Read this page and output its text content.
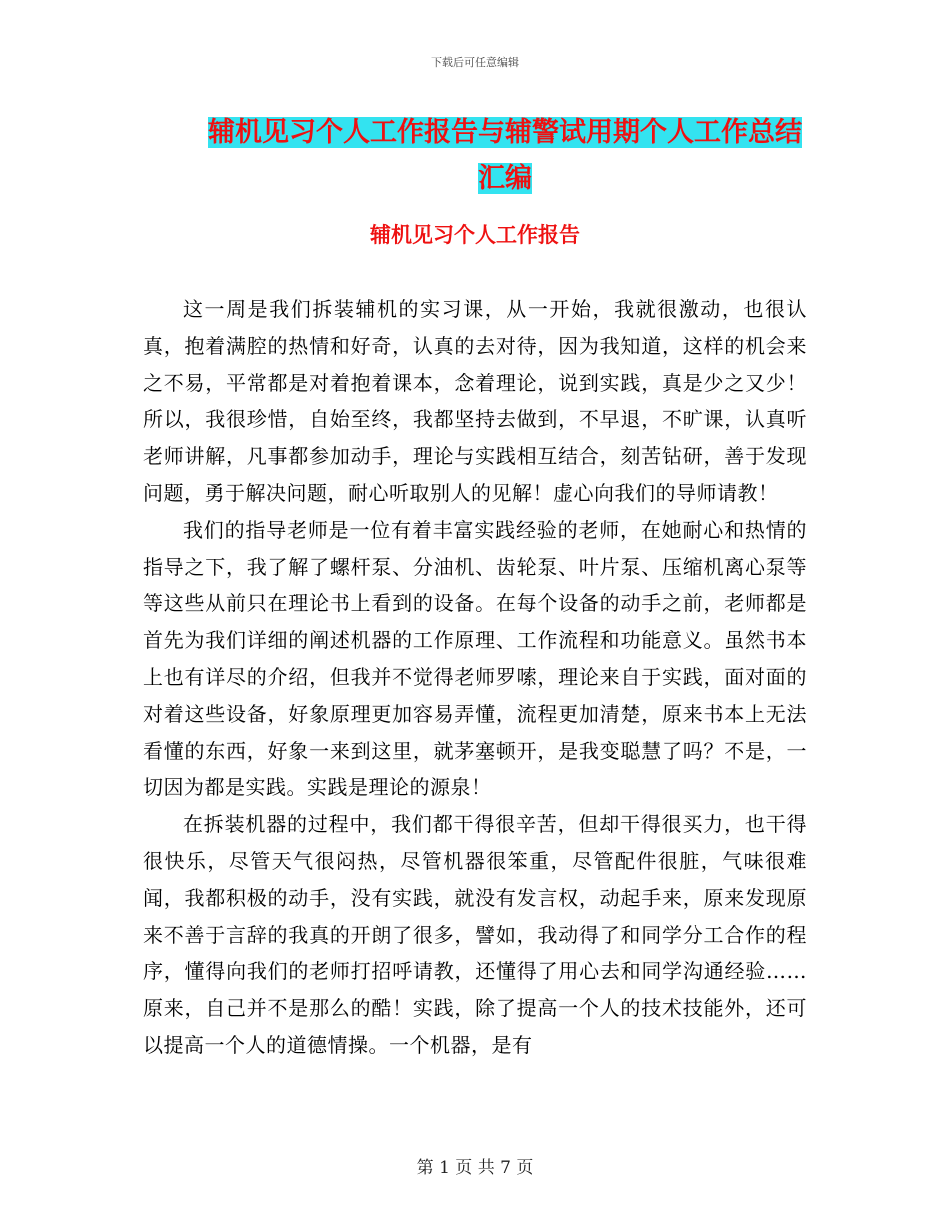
下载后可任意编辑
辅机见习个人工作报告与辅警试用期个人工作总结汇编
辅机见习个人工作报告

这一周是我们拆装辅机的实习课，从一开始，我就很激动，也很认真，抱着满腔的热情和好奇，认真的去对待，因为我知道，这样的机会来之不易，平常都是对着抱着课本，念着理论，说到实践，真是少之又少！所以，我很珍惜，自始至终，我都坚持去做到，不早退，不旷课，认真听老师讲解，凡事都参加动手，理论与实践相互结合，刻苦钻研，善于发现问题，勇于解决问题，耐心听取别人的见解！虚心向我们的导师请教！

我们的指导老师是一位有着丰富实践经验的老师，在她耐心和热情的指导之下，我了解了螺杆泵、分油机、齿轮泵、叶片泵、压缩机离心泵等等这些从前只在理论书上看到的设备。在每个设备的动手之前，老师都是首先为我们详细的阐述机器的工作原理、工作流程和功能意义。虽然书本上也有详尽的介绍，但我并不觉得老师罗嗦，理论来自于实践，面对面的对着这些设备，好象原理更加容易弄懂，流程更加清楚，原来书本上无法看懂的东西，好象一来到这里，就茅塞顿开，是我变聪慧了吗？不是，一切因为都是实践。实践是理论的源泉！

在拆装机器的过程中，我们都干得很辛苦，但却干得很买力，也干得很快乐，尽管天气很闷热，尽管机器很笨重，尽管配件很脏，气味很难闻，我都积极的动手，没有实践，就没有发言权，动起手来，原来发现原来不善于言辞的我真的开朗了很多，譬如，我动得了和同学分工合作的程序，懂得向我们的老师打招呼请教，还懂得了用心去和同学沟通经验……原来，自己并不是那么的酷！实践，除了提高一个人的技术技能外，还可以提高一个人的道德情操。一个机器，是有

第 1 页 共 7 页
